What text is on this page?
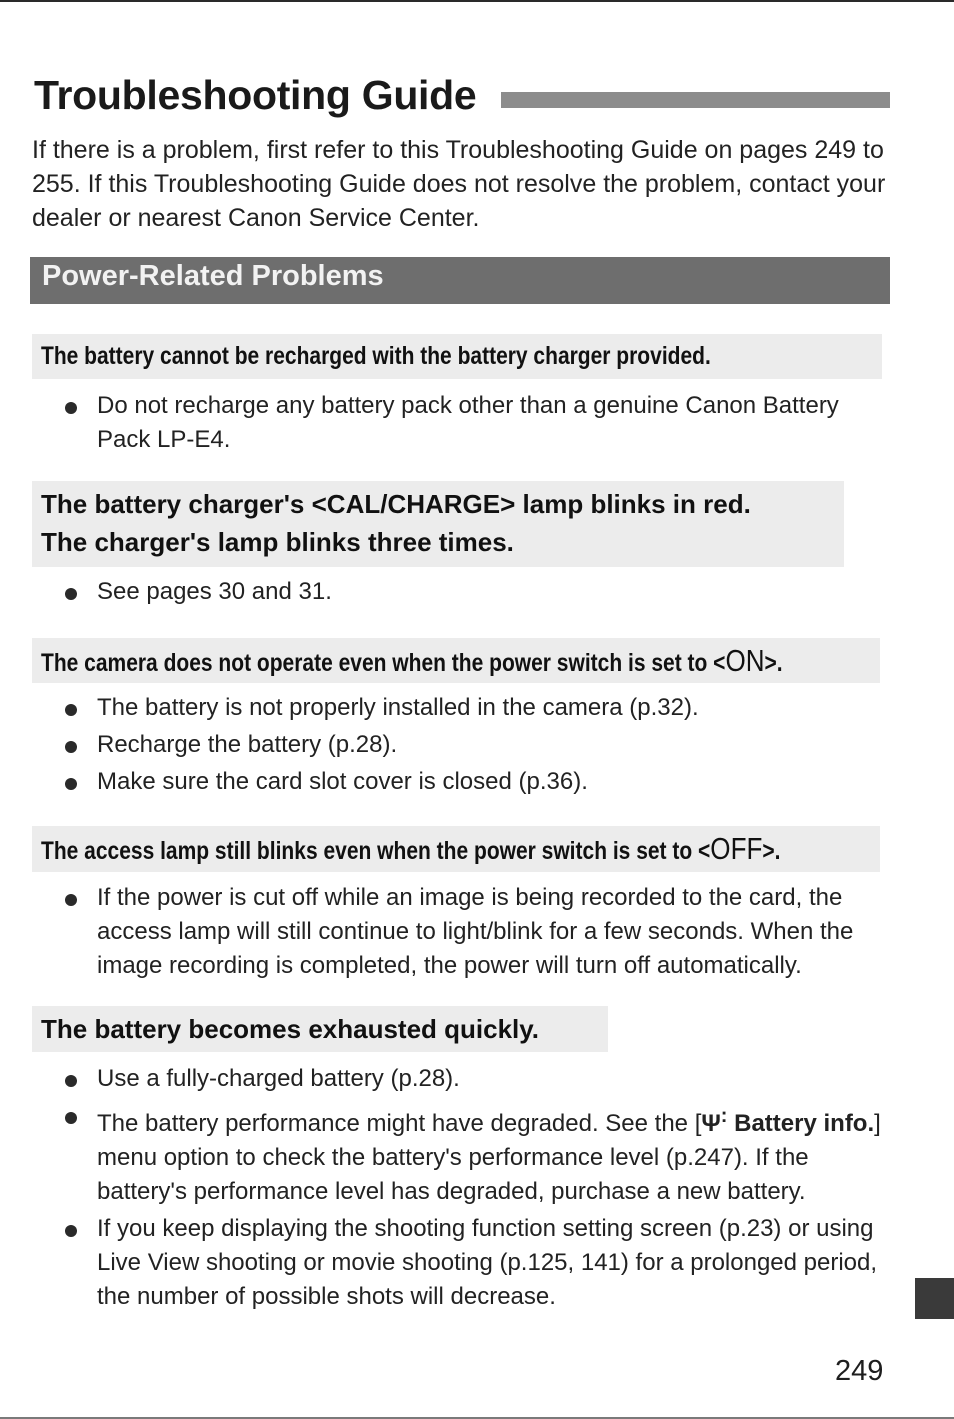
Troubleshooting Guide
If there is a problem, first refer to this Troubleshooting Guide on pages 249 to 255. If this Troubleshooting Guide does not resolve the problem, contact your dealer or nearest Canon Service Center.
Power-Related Problems
The battery cannot be recharged with the battery charger provided.
Do not recharge any battery pack other than a genuine Canon Battery Pack LP-E4.
The battery charger's <CAL/CHARGE> lamp blinks in red.
The charger's lamp blinks three times.
See pages 30 and 31.
The camera does not operate even when the power switch is set to <ON>.
The battery is not properly installed in the camera (p.32).
Recharge the battery (p.28).
Make sure the card slot cover is closed (p.36).
The access lamp still blinks even when the power switch is set to <OFF>.
If the power is cut off while an image is being recorded to the card, the access lamp will still continue to light/blink for a few seconds. When the image recording is completed, the power will turn off automatically.
The battery becomes exhausted quickly.
Use a fully-charged battery (p.28).
The battery performance might have degraded. See the [Ψ: Battery info.] menu option to check the battery's performance level (p.247). If the battery's performance level has degraded, purchase a new battery.
If you keep displaying the shooting function setting screen (p.23) or using Live View shooting or movie shooting (p.125, 141) for a prolonged period, the number of possible shots will decrease.
249
